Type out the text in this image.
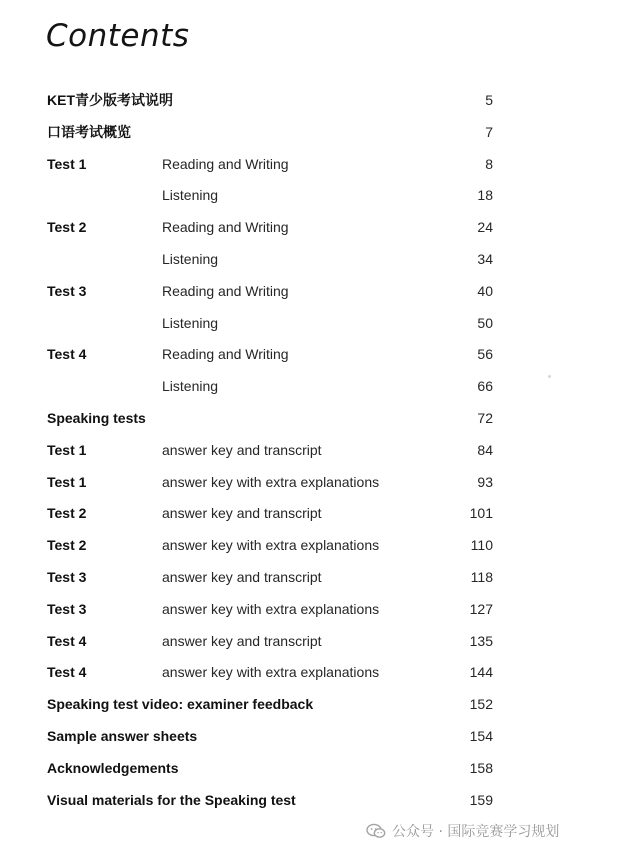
Contents
KET青少版考试说明	5
口语考试概览	7
Test 1	Reading and Writing	8
Listening	18
Test 2	Reading and Writing	24
Listening	34
Test 3	Reading and Writing	40
Listening	50
Test 4	Reading and Writing	56
Listening	66
Speaking tests	72
Test 1	answer key and transcript	84
Test 1	answer key with extra explanations	93
Test 2	answer key and transcript	101
Test 2	answer key with extra explanations	110
Test 3	answer key and transcript	118
Test 3	answer key with extra explanations	127
Test 4	answer key and transcript	135
Test 4	answer key with extra explanations	144
Speaking test video: examiner feedback	152
Sample answer sheets	154
Acknowledgements	158
Visual materials for the Speaking test	159
公众号 · 国际竞赛学习规划
